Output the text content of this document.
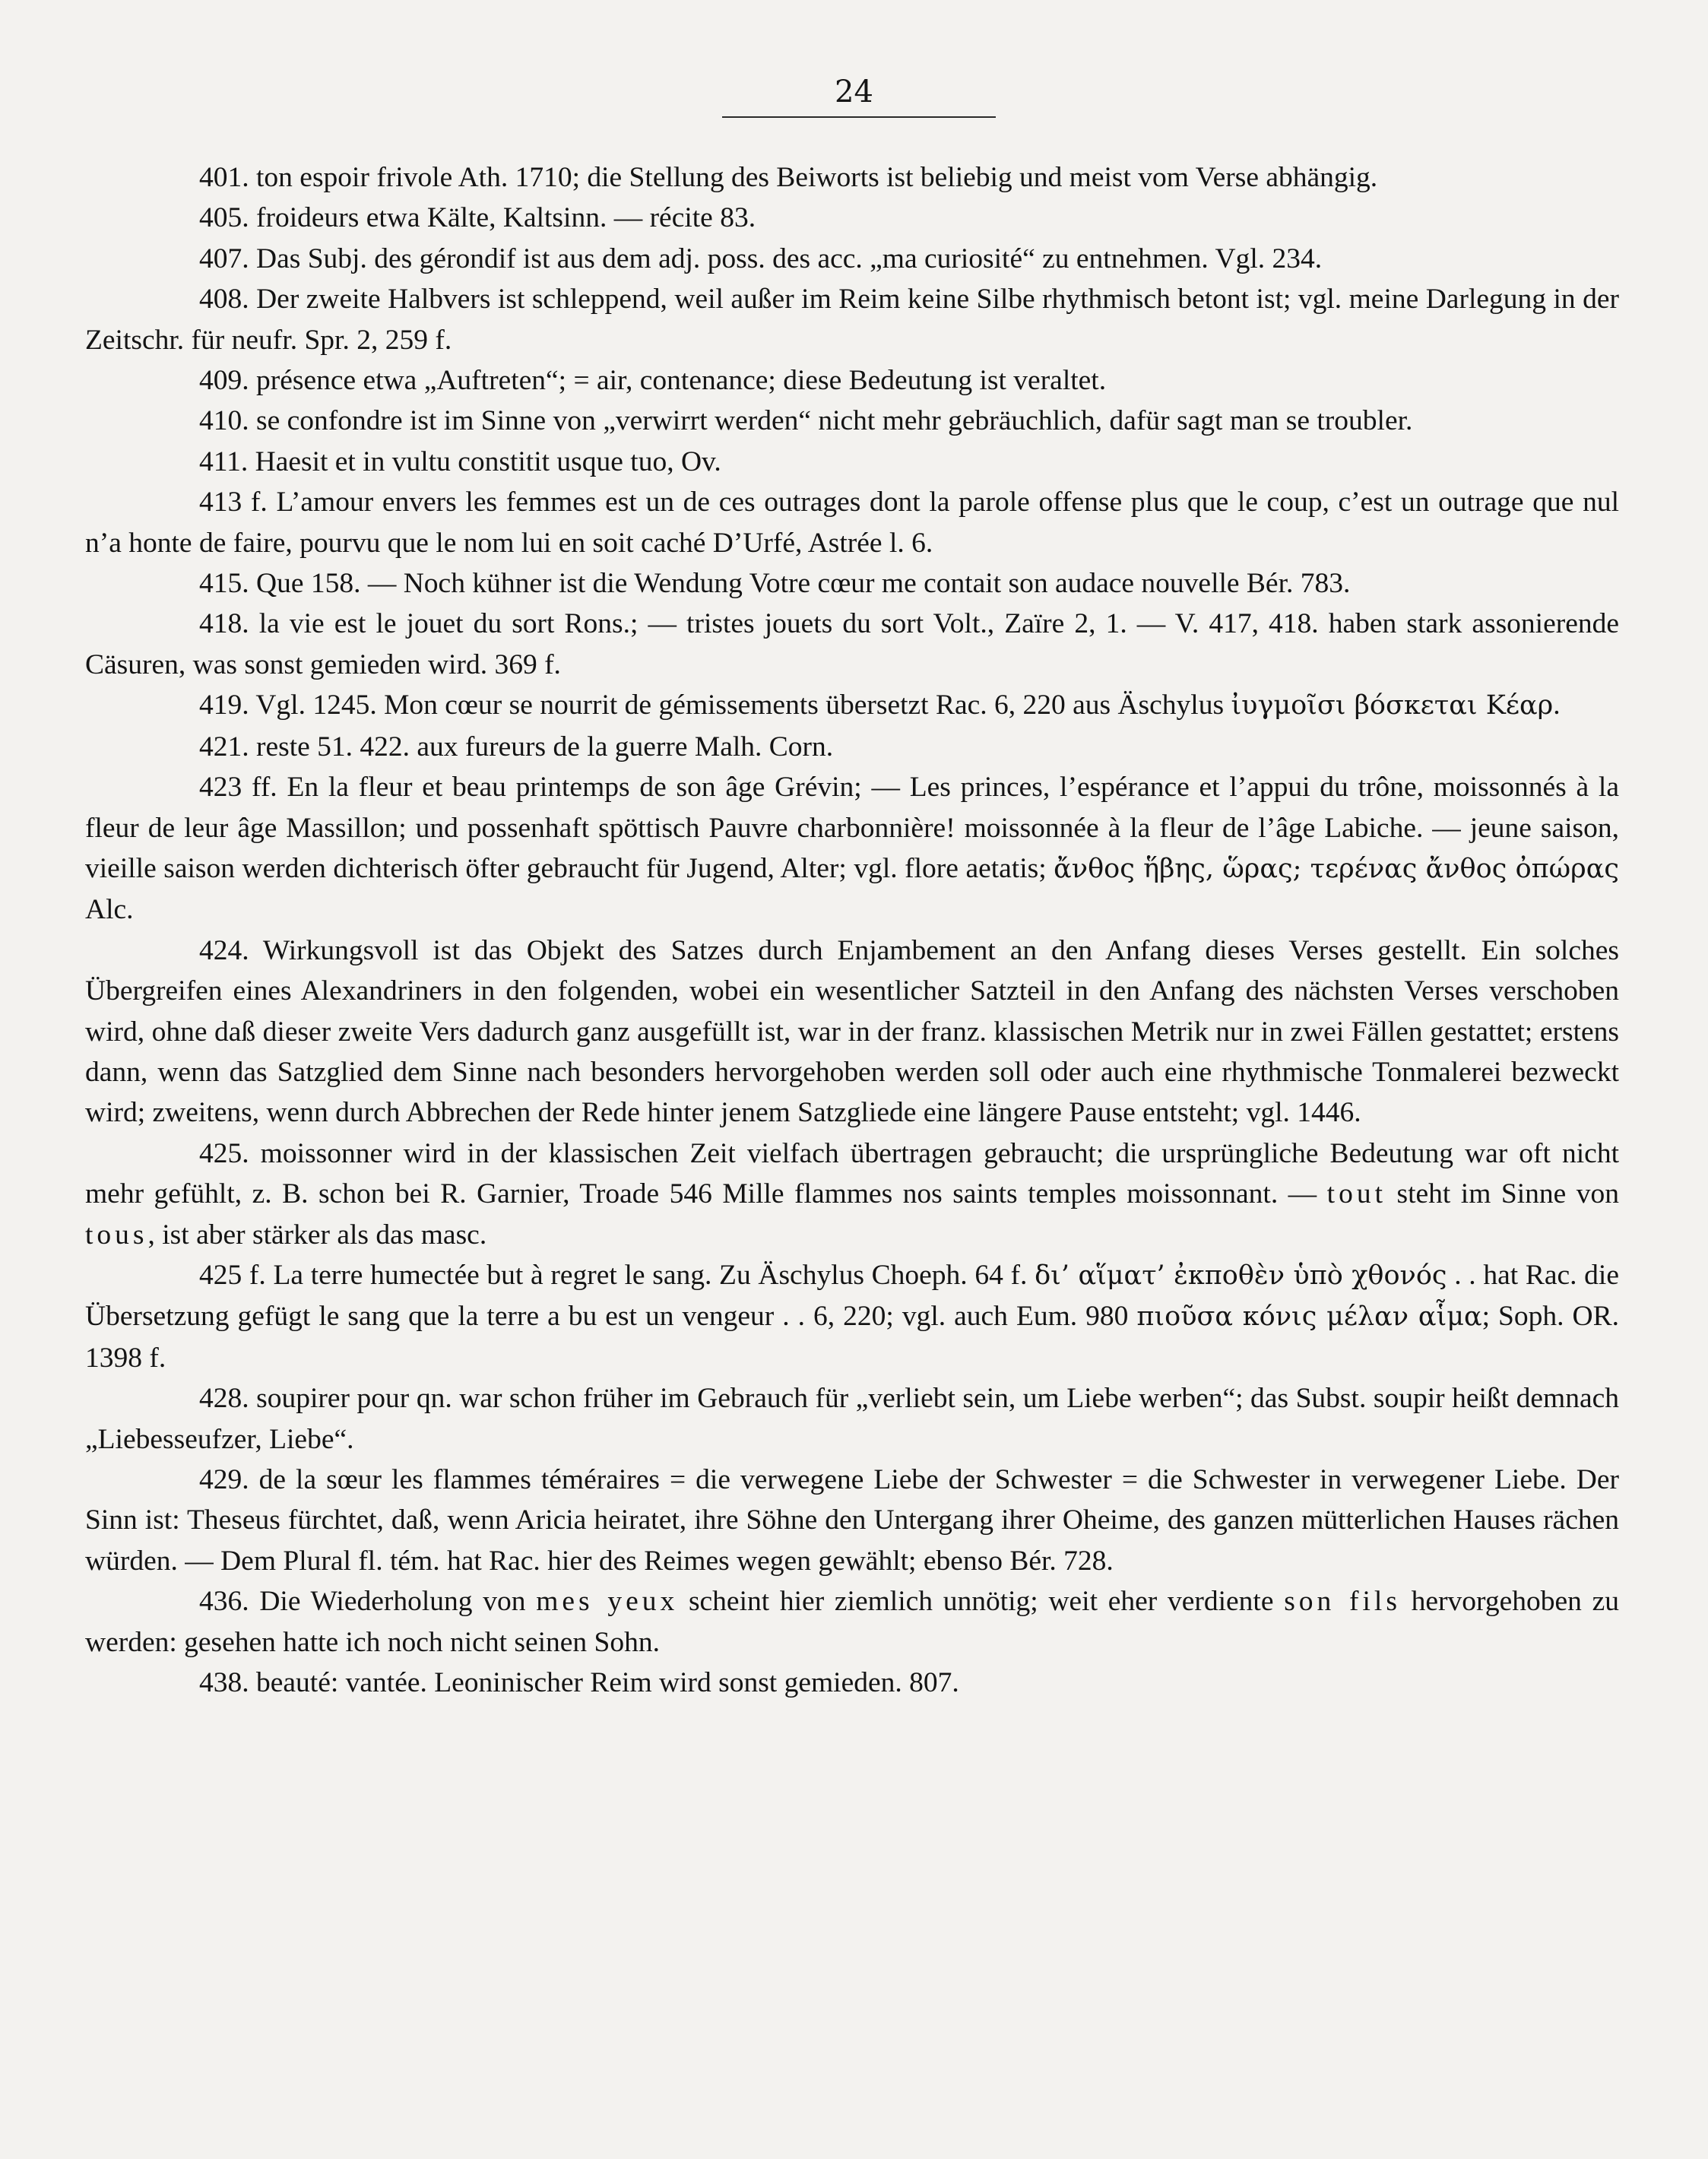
24

401. ton espoir frivole Ath. 1710; die Stellung des Beiworts ist beliebig und meist vom Verse abhängig.

405. froideurs etwa Kälte, Kaltsinn. — récite 83.

407. Das Subj. des gérondif ist aus dem adj. poss. des acc. „ma curiosité“ zu entnehmen. Vgl. 234.

408. Der zweite Halbvers ist schleppend, weil außer im Reim keine Silbe rhythmisch betont ist; vgl. meine Darlegung in der Zeitschr. für neufr. Spr. 2, 259 f.

409. présence etwa „Auftreten“; = air, contenance; diese Bedeutung ist veraltet.

410. se confondre ist im Sinne von „verwirrt werden“ nicht mehr gebräuchlich, dafür sagt man se troubler.

411. Haesit et in vultu constitit usque tuo, Ov.

413 f. L’amour envers les femmes est un de ces outrages dont la parole offense plus que le coup, c’est un outrage que nul n’a honte de faire, pourvu que le nom lui en soit caché D’Urfé, Astrée l. 6.

415. Que 158. — Noch kühner ist die Wendung Votre cœur me contait son audace nouvelle Bér. 783.

418. la vie est le jouet du sort Rons.; — tristes jouets du sort Volt., Zaïre 2, 1. — V. 417, 418. haben stark assonierende Cäsuren, was sonst gemieden wird. 369 f.

419. Vgl. 1245. Mon cœur se nourrit de gémissements übersetzt Rac. 6, 220 aus Äschylus ἰυγμοῖσι βόσκεται Κέαρ.

421. reste 51. 422. aux fureurs de la guerre Malh. Corn.

423 ff. En la fleur et beau printemps de son âge Grévin; — Les princes, l’espérance et l’appui du trône, moissonnés à la fleur de leur âge Massillon; und possenhaft spöttisch Pauvre charbonnière! moissonnée à la fleur de l’âge Labiche. — jeune saison, vieille saison werden dichterisch öfter gebraucht für Jugend, Alter; vgl. flore aetatis; ἄνθος ἥβης, ὥρας; τερένας ἄνθος ὀπώρας Alc.

424. Wirkungsvoll ist das Objekt des Satzes durch Enjambement an den Anfang dieses Verses gestellt. Ein solches Übergreifen eines Alexandriners in den folgenden, wobei ein wesentlicher Satzteil in den Anfang des nächsten Verses verschoben wird, ohne daß dieser zweite Vers dadurch ganz ausgefüllt ist, war in der franz. klassischen Metrik nur in zwei Fällen gestattet; erstens dann, wenn das Satzglied dem Sinne nach besonders hervorgehoben werden soll oder auch eine rhythmische Tonmalerei bezweckt wird; zweitens, wenn durch Abbrechen der Rede hinter jenem Satzgliede eine längere Pause entsteht; vgl. 1446.

425. moissonner wird in der klassischen Zeit vielfach übertragen gebraucht; die ursprüngliche Bedeutung war oft nicht mehr gefühlt, z. B. schon bei R. Garnier, Troade 546 Mille flammes nos saints temples moissonnant. — tout steht im Sinne von tous, ist aber stärker als das masc.

425 f. La terre humectée but à regret le sang. Zu Äschylus Choeph. 64 f. δι’ αἵματ’ ἐκποθὲν ὑπὸ χθονός . . hat Rac. die Übersetzung gefügt le sang que la terre a bu est un vengeur . . 6, 220; vgl. auch Eum. 980 πιοῦσα κόνις μέλαν αἷμα; Soph. OR. 1398 f.

428. soupirer pour qn. war schon früher im Gebrauch für „verliebt sein, um Liebe werben“; das Subst. soupir heißt demnach „Liebesseufzer, Liebe“.

429. de la sœur les flammes téméraires = die verwegene Liebe der Schwester = die Schwester in verwegener Liebe. Der Sinn ist: Theseus fürchtet, daß, wenn Aricia heiratet, ihre Söhne den Untergang ihrer Oheime, des ganzen mütterlichen Hauses rächen würden. — Dem Plural fl. tém. hat Rac. hier des Reimes wegen gewählt; ebenso Bér. 728.

436. Die Wiederholung von mes yeux scheint hier ziemlich unnötig; weit eher verdiente son fils hervorgehoben zu werden: gesehen hatte ich noch nicht seinen Sohn.

438. beauté: vantée. Leoninischer Reim wird sonst gemieden. 807.
